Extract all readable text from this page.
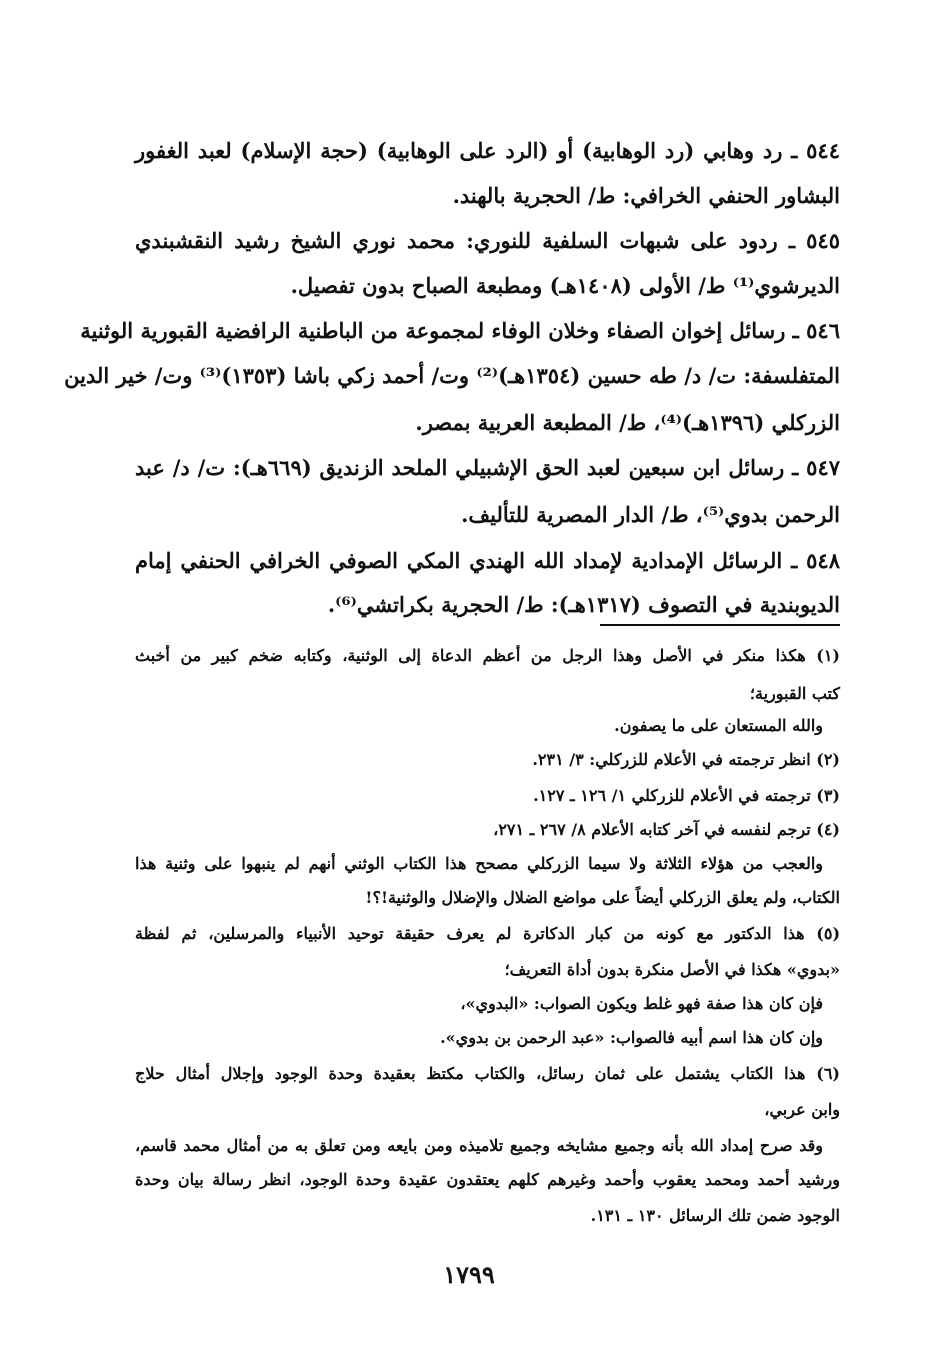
٥٤٤ ـ رد وهابي (رد الوهابية) أو (الرد على الوهابية) (حجة الإسلام) لعبد الغفور
البشاور الحنفي الخرافي: ط/ الحجرية بالهند.
٥٤٥ ـ ردود على شبهات السلفية للنوري: محمد نوري الشيخ رشيد النقشبندي
الديرشوي⁽¹⁾ ط/ الأولى (١٤٠٨هـ) ومطبعة الصباح بدون تفصيل.
٥٤٦ ـ رسائل إخوان الصفاء وخلان الوفاء لمجموعة من الباطنية الرافضية القبورية الوثنية
المتفلسفة: ت/ د/ طه حسين (١٣٥٤هـ)⁽²⁾ وت/ أحمد زكي باشا (١٣٥٣)⁽³⁾ وت/ خير الدين
الزركلي (١٣٩٦هـ)⁽⁴⁾، ط/ المطبعة العربية بمصر.
٥٤٧ ـ رسائل ابن سبعين لعبد الحق الإشبيلي الملحد الزنديق (٦٦٩هـ): ت/ د/ عبد
الرحمن بدوي⁽⁵⁾، ط/ الدار المصرية للتأليف.
٥٤٨ ـ الرسائل الإمدادية لإمداد الله الهندي المكي الصوفي الخرافي الحنفي إمام
الديوبندية في التصوف (١٣١٧هـ): ط/ الحجرية بكراتشي⁽⁶⁾.
(١) هكذا منكر في الأصل وهذا الرجل من أعظم الدعاة إلى الوثنية، وكتابه ضخم كبير من أخبث
كتب القبورية؛
والله المستعان على ما يصفون.
(٢) انظر ترجمته في الأعلام للزركلي: ٣/ ٢٣١.
(٣) ترجمته في الأعلام للزركلي ١/ ١٢٦ ـ ١٢٧.
(٤) ترجم لنفسه في آخر كتابه الأعلام ٨/ ٢٦٧ ـ ٢٧١،
والعجب من هؤلاء الثلاثة ولا سيما الزركلي مصحح هذا الكتاب الوثني أنهم لم ينبهوا على وثنية هذا
الكتاب، ولم يعلق الزركلي أيضاً على مواضع الضلال والإضلال والوثنية!؟!
(٥) هذا الدكتور مع كونه من كبار الدكاترة لم يعرف حقيقة توحيد الأنبياء والمرسلين، ثم لفظة
«بدوي» هكذا في الأصل منكرة بدون أداة التعريف؛
فإن كان هذا صفة فهو غلط ويكون الصواب: «البدوي»،
وإن كان هذا اسم أبيه فالصواب: «عبد الرحمن بن بدوي».
(٦) هذا الكتاب يشتمل على ثمان رسائل، والكتاب مكتظ بعقيدة وحدة الوجود وإجلال أمثال حلاج
وابن عربي،
وقد صرح إمداد الله بأنه وجميع مشايخه وجميع تلاميذه ومن بايعه ومن تعلق به من أمثال محمد قاسم،
ورشيد أحمد ومحمد يعقوب وأحمد وغيرهم كلهم يعتقدون عقيدة وحدة الوجود، انظر رسالة بيان وحدة
الوجود ضمن تلك الرسائل ١٣٠ ـ ١٣١.
١٧٩٩
